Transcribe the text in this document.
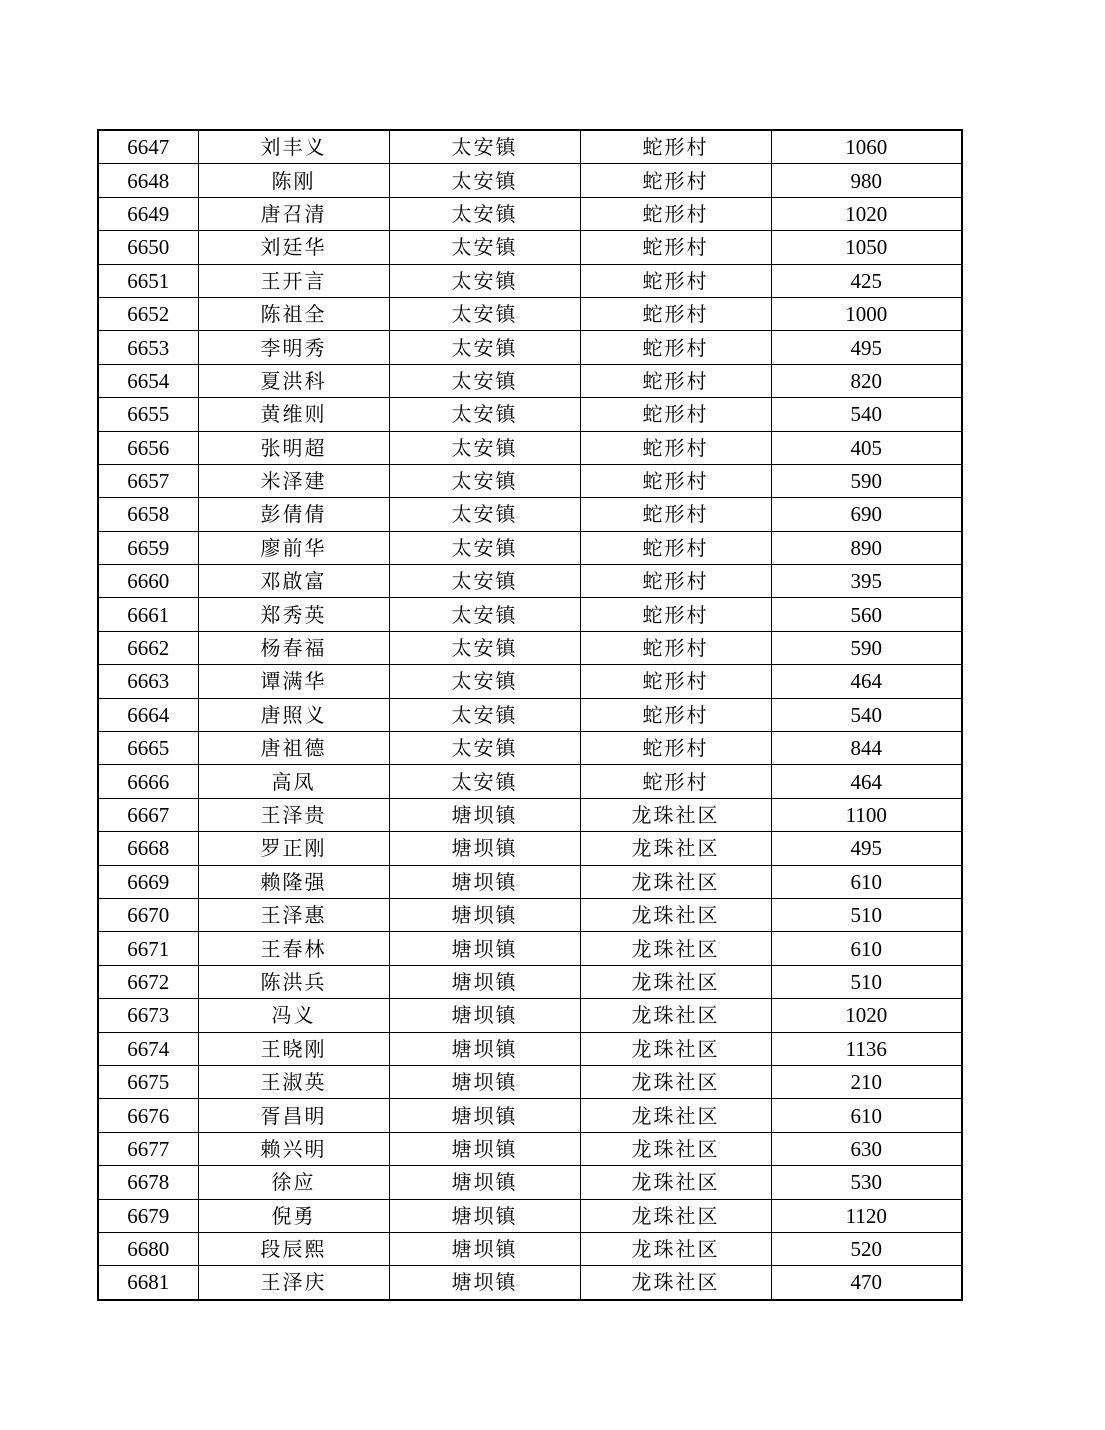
6647	刘丰义	太安镇	蛇形村	1060
6648	陈刚	太安镇	蛇形村	980
6649	唐召清	太安镇	蛇形村	1020
6650	刘廷华	太安镇	蛇形村	1050
6651	王开言	太安镇	蛇形村	425
6652	陈祖全	太安镇	蛇形村	1000
6653	李明秀	太安镇	蛇形村	495
6654	夏洪科	太安镇	蛇形村	820
6655	黄维则	太安镇	蛇形村	540
6656	张明超	太安镇	蛇形村	405
6657	米泽建	太安镇	蛇形村	590
6658	彭倩倩	太安镇	蛇形村	690
6659	廖前华	太安镇	蛇形村	890
6660	邓啟富	太安镇	蛇形村	395
6661	郑秀英	太安镇	蛇形村	560
6662	杨春福	太安镇	蛇形村	590
6663	谭满华	太安镇	蛇形村	464
6664	唐照义	太安镇	蛇形村	540
6665	唐祖德	太安镇	蛇形村	844
6666	高凤	太安镇	蛇形村	464
6667	王泽贵	塘坝镇	龙珠社区	1100
6668	罗正刚	塘坝镇	龙珠社区	495
6669	赖隆强	塘坝镇	龙珠社区	610
6670	王泽惠	塘坝镇	龙珠社区	510
6671	王春林	塘坝镇	龙珠社区	610
6672	陈洪兵	塘坝镇	龙珠社区	510
6673	冯义	塘坝镇	龙珠社区	1020
6674	王晓刚	塘坝镇	龙珠社区	1136
6675	王淑英	塘坝镇	龙珠社区	210
6676	胥昌明	塘坝镇	龙珠社区	610
6677	赖兴明	塘坝镇	龙珠社区	630
6678	徐应	塘坝镇	龙珠社区	530
6679	倪勇	塘坝镇	龙珠社区	1120
6680	段辰熙	塘坝镇	龙珠社区	520
6681	王泽庆	塘坝镇	龙珠社区	470
